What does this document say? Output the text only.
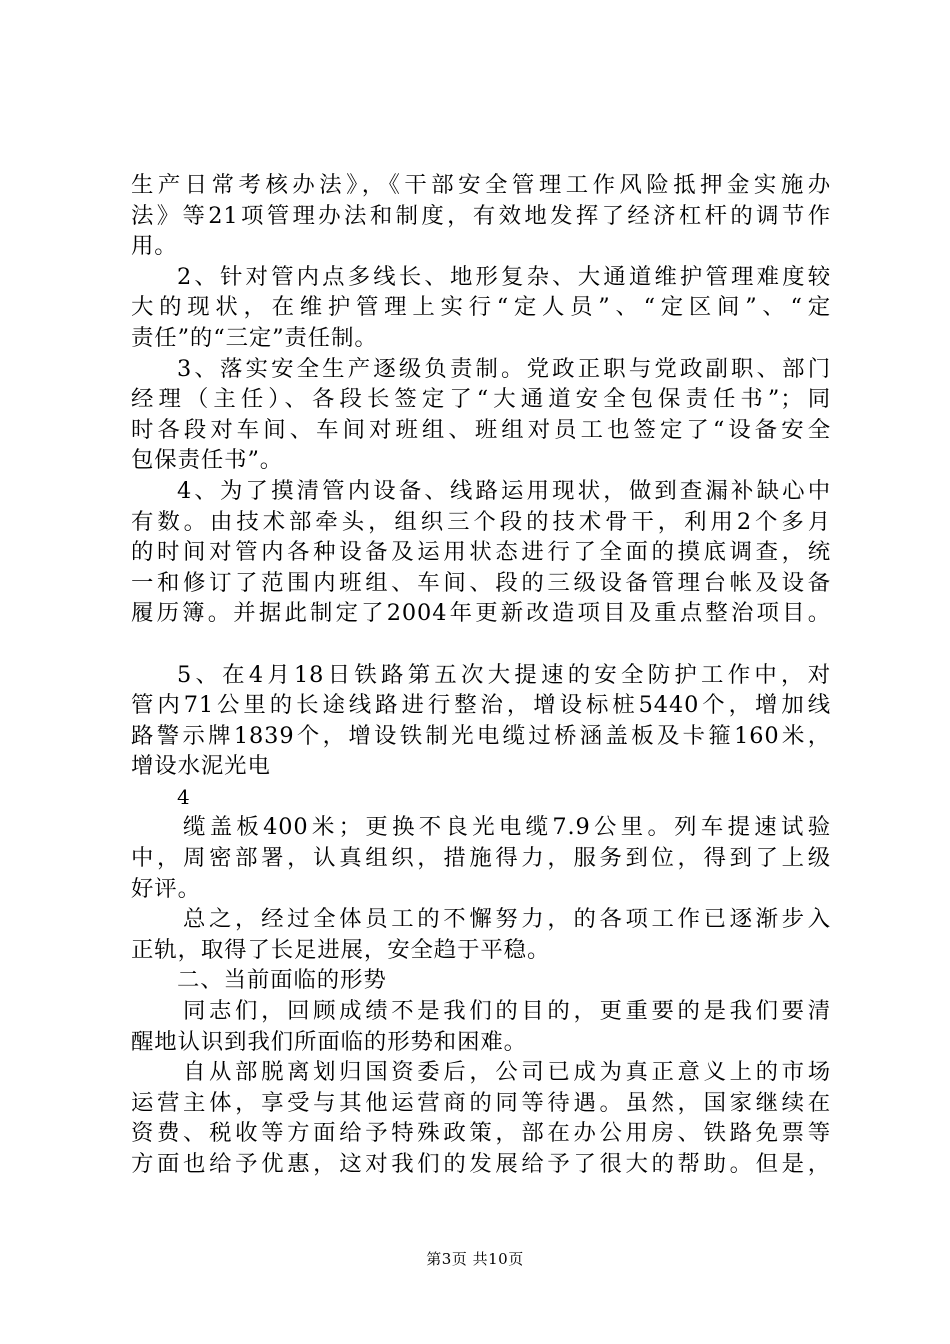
生产日常考核办法》，《干部安全管理工作风险抵押金实施办
法》等21项管理办法和制度，有效地发挥了经济杠杆的调节作
用。
2、针对管内点多线长、地形复杂、大通道维护管理难度较
大的现状，在维护管理上实行“定人员”、“定区间”、“定
责任”的“三定”责任制。
3、落实安全生产逐级负责制。党政正职与党政副职、部门
经理（主任）、各段长签定了“大通道安全包保责任书”；同
时各段对车间、车间对班组、班组对员工也签定了“设备安全
包保责任书”。
4、为了摸清管内设备、线路运用现状，做到查漏补缺心中
有数。由技术部牵头，组织三个段的技术骨干，利用2个多月
的时间对管内各种设备及运用状态进行了全面的摸底调查，统
一和修订了范围内班组、车间、段的三级设备管理台帐及设备
履历簿。并据此制定了2004年更新改造项目及重点整治项目。
5、在4月18日铁路第五次大提速的安全防护工作中，对
管内71公里的长途线路进行整治，增设标桩5440个，增加线
路警示牌1839个，增设铁制光电缆过桥涵盖板及卡箍160米，
增设水泥光电
4
缆盖板400米；更换不良光电缆7.9公里。列车提速试验
中，周密部署，认真组织，措施得力，服务到位，得到了上级
好评。
总之，经过全体员工的不懈努力，的各项工作已逐渐步入
正轨，取得了长足进展，安全趋于平稳。
二、当前面临的形势
同志们，回顾成绩不是我们的目的，更重要的是我们要清
醒地认识到我们所面临的形势和困难。
自从部脱离划归国资委后，公司已成为真正意义上的市场
运营主体，享受与其他运营商的同等待遇。虽然，国家继续在
资费、税收等方面给予特殊政策，部在办公用房、铁路免票等
方面也给予优惠，这对我们的发展给予了很大的帮助。但是，
第3页 共10页
